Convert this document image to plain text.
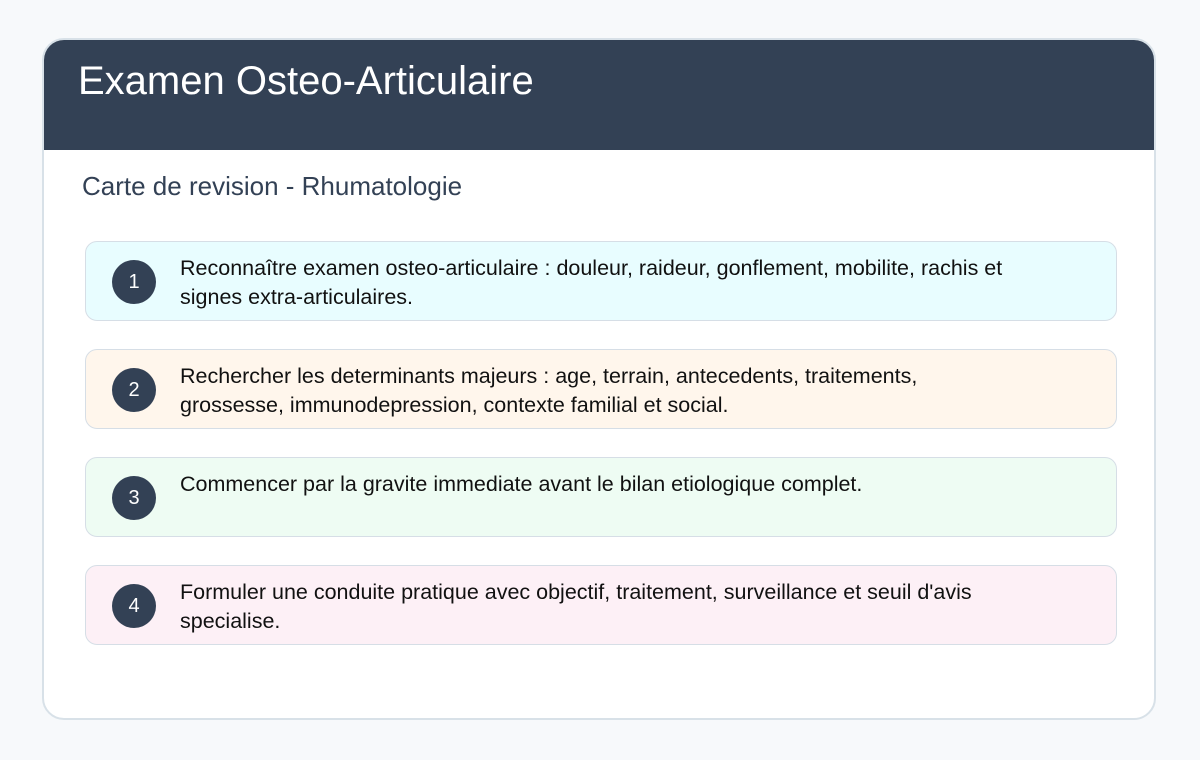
Examen Osteo-Articulaire
Carte de revision - Rhumatologie
1
Reconnaître examen osteo-articulaire : douleur, raideur, gonflement, mobilite, rachis et signes extra-articulaires.
2
Rechercher les determinants majeurs : age, terrain, antecedents, traitements, grossesse, immunodepression, contexte familial et social.
3
Commencer par la gravite immediate avant le bilan etiologique complet.
4
Formuler une conduite pratique avec objectif, traitement, surveillance et seuil d'avis specialise.
